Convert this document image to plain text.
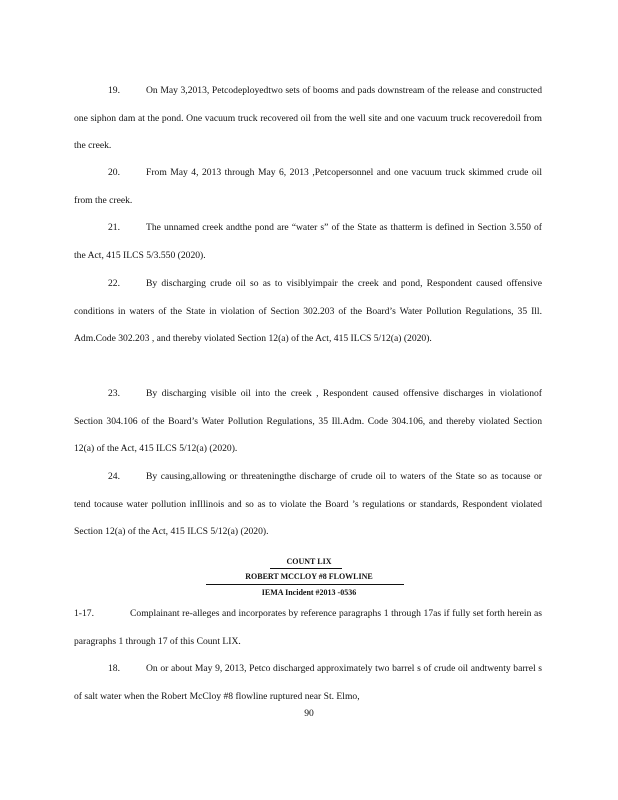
19.	On May 3,2013, Petcodeployedtwo sets of booms and pads downstream of the release and constructed one siphon dam at the pond. One vacuum truck recovered oil from the well site and one vacuum truck recoveredoil from the creek.

20.	From May 4, 2013 through May 6, 2013 ,Petcopersonnel and one vacuum truck skimmed crude oil from the creek.

21.	The unnamed creek andthe pond are “water s” of the State as thatterm is defined in Section 3.550 of the Act, 415 ILCS 5/3.550 (2020).

22.	By discharging crude oil so as to visiblyimpair the creek and pond, Respondent caused offensive conditions in waters of the State in violation of Section 302.203 of the Board’s Water Pollution Regulations, 35 Ill. Adm.Code 302.203 , and thereby violated Section 12(a) of the Act, 415 ILCS 5/12(a) (2020).

23.	By discharging visible oil into the creek , Respondent caused offensive discharges in violationof Section 304.106 of the Board’s Water Pollution Regulations, 35 Ill.Adm. Code 304.106, and thereby violated Section 12(a) of the Act, 415 ILCS 5/12(a) (2020).

24.	By causing,allowing or threateningthe discharge of crude oil to waters of the State so as tocause or tend tocause water pollution inIllinois and so as to violate the Board ’s regulations or standards, Respondent violated Section 12(a) of the Act, 415 ILCS 5/12(a) (2020).

COUNT LIX
ROBERT MCCLOY #8 FLOWLINE
IEMA Incident #2013 -0536

1-17.	Complainant re-alleges and incorporates by reference paragraphs 1 through 17as if fully set forth herein as paragraphs 1 through 17 of this Count LIX.

18.	On or about May 9, 2013, Petco discharged approximately two barrel s of crude oil andtwenty barrel s of salt water when the Robert McCloy #8 flowline ruptured near St. Elmo,

90
